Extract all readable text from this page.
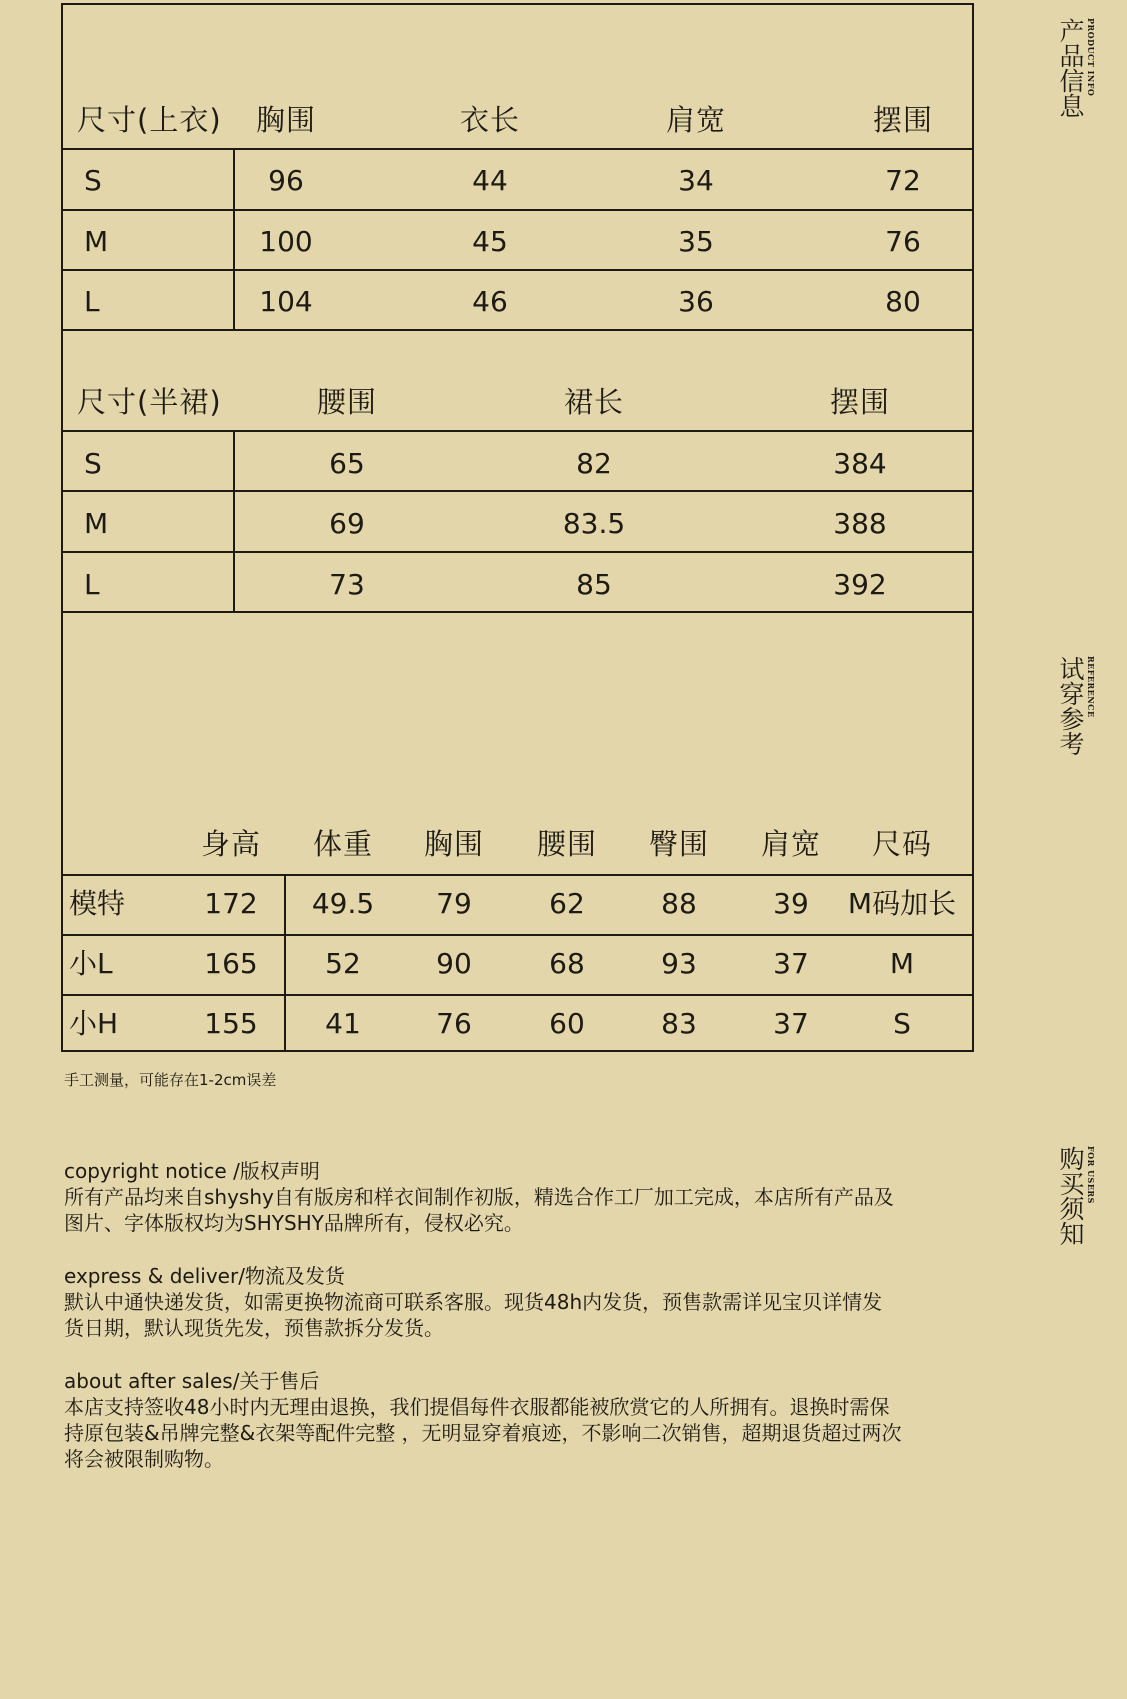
产品信息 PRODUCT INFO
试穿参考 REFERENCE
购买须知 FOR USERS
尺寸(上衣) 胸围	衣长	肩宽	摆围
S	96	44	34	72
M	100	45	35	76
L	104	46	36	80
尺寸(半裙)	腰围	裙长	摆围
S	65	82	384
M	69	83.5	388
L	73	85	392
身高 体重 胸围 腰围 臀围 肩宽 尺码
模特	172 49.5 79	62	88	39 M码加长
小L	165 52	90	68	93	37	M
小H	155 41	76	60	83	37	S
手工测量，可能存在1-2cm误差

copyright notice /版权声明

所有产品均来自shyshy自有版房和样衣间制作初版，精选合作工厂加工完成，本店所有产品及

图片、字体版权均为SHYSHY品牌所有，侵权必究。

express & deliver/物流及发货

默认中通快递发货，如需更换物流商可联系客服。现货48h内发货，预售款需详见宝贝详情发

货日期，默认现货先发，预售款拆分发货。

about after sales/关于售后

本店支持签收48小时内无理由退换，我们提倡每件衣服都能被欣赏它的人所拥有。退换时需保

持原包装&吊牌完整&衣架等配件完整 ，无明显穿着痕迹，不影响二次销售，超期退货超过两次

将会被限制购物。
